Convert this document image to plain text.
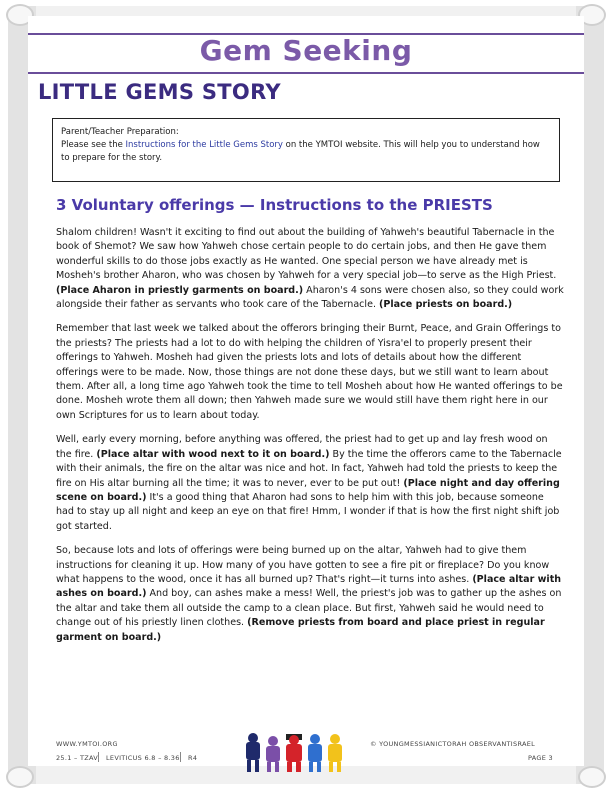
Gem Seeking
LITTLE GEMS STORY
Parent/Teacher Preparation:
Please see the Instructions for the Little Gems Story on the YMTOI website. This will help you to understand how to prepare for the story.
3 Voluntary offerings — Instructions to the PRIESTS

Shalom children! Wasn't it exciting to find out about the building of Yahweh's beautiful Tabernacle in the book of Shemot? We saw how Yahweh chose certain people to do certain jobs, and then He gave them wonderful skills to do those jobs exactly as He wanted. One special person we have already met is Mosheh's brother Aharon, who was chosen by Yahweh for a very special job—to serve as the High Priest. (Place Aharon in priestly garments on board.) Aharon's 4 sons were chosen also, so they could work alongside their father as servants who took care of the Tabernacle. (Place priests on board.)

Remember that last week we talked about the offerors bringing their Burnt, Peace, and Grain Offerings to the priests? The priests had a lot to do with helping the children of Yisra'el to properly present their offerings to Yahweh. Mosheh had given the priests lots and lots of details about how the different offerings were to be made. Now, those things are not done these days, but we still want to learn about them. After all, a long time ago Yahweh took the time to tell Mosheh about how He wanted offerings to be done. Mosheh wrote them all down; then Yahweh made sure we would still have them right here in our own Scriptures for us to learn about today.

Well, early every morning, before anything was offered, the priest had to get up and lay fresh wood on the fire. (Place altar with wood next to it on board.) By the time the offerors came to the Tabernacle with their animals, the fire on the altar was nice and hot. In fact, Yahweh had told the priests to keep the fire on His altar burning all the time; it was to never, ever to be put out! (Place night and day offering scene on board.) It's a good thing that Aharon had sons to help him with this job, because someone had to stay up all night and keep an eye on that fire! Hmm, I wonder if that is how the first night shift job got started.

So, because lots and lots of offerings were being burned up on the altar, Yahweh had to give them instructions for cleaning it up. How many of you have gotten to see a fire pit or fireplace? Do you know what happens to the wood, once it has all burned up? That's right—it turns into ashes. (Place altar with ashes on board.) And boy, can ashes make a mess! Well, the priest's job was to gather up the ashes on the altar and take them all outside the camp to a clean place. But first, Yahweh said he would need to change out of his priestly linen clothes. (Remove priests from board and place priest in regular garment on board.)

WWW.YMTOI.ORG	© YOUNGMESSIANICTORAH OBSERVANTISRAEL
25.1 – TZAV LEVITICUS 6.8 – 8.36 R4	PAGE 3
